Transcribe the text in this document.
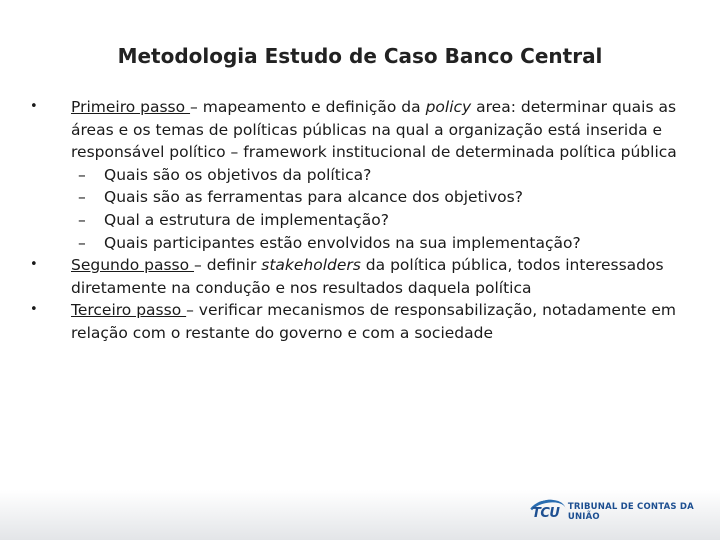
Metodologia Estudo de Caso Banco Central
• Primeiro passo – mapeamento e definição da policy area: determinar quais as áreas e os temas de políticas públicas na qual a organização está inserida e responsável político – framework institucional de determinada política pública
– Quais são os objetivos da política?
– Quais são as ferramentas para alcance dos objetivos?
– Qual a estrutura de implementação?
– Quais participantes estão envolvidos na sua implementação?
• Segundo passo – definir stakeholders da política pública, todos interessados diretamente na condução e nos resultados daquela política
• Terceiro passo – verificar mecanismos de responsabilização, notadamente em relação com o restante do governo e com a sociedade
TCU TRIBUNAL DE CONTAS DA UNIÃO
